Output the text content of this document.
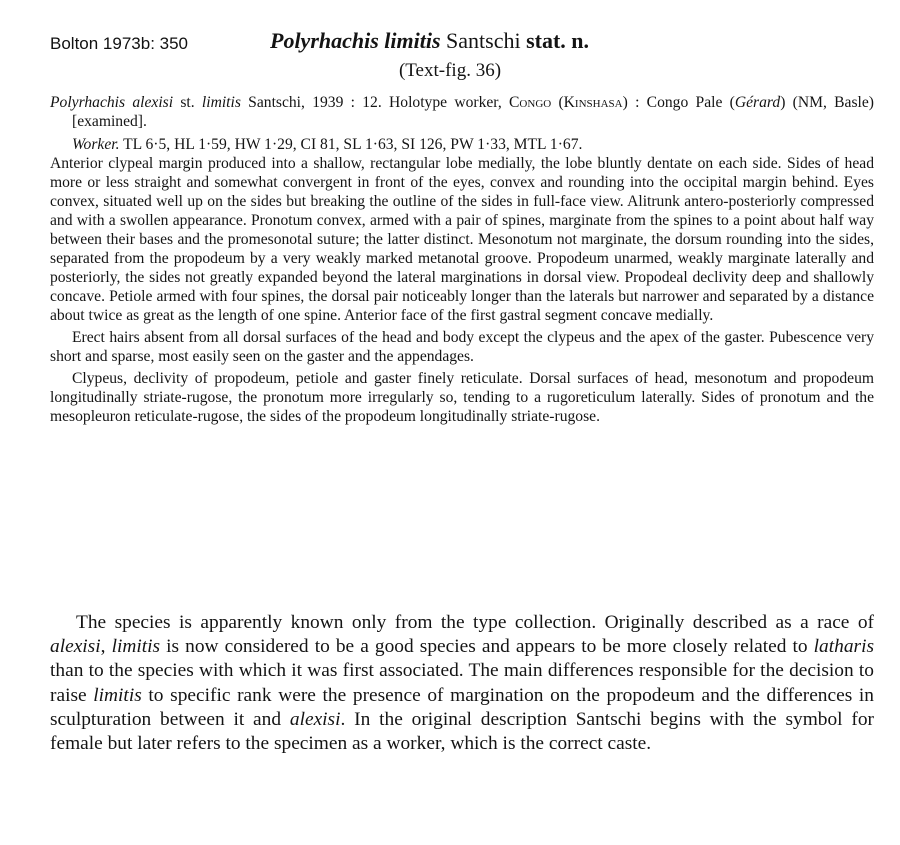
Bolton 1973b: 350	Polyrhachis limitis Santschi stat. n.
(Text-fig. 36)

Polyrhachis alexisi st. limitis Santschi, 1939 : 12. Holotype worker, Congo (Kinshasa) : Congo Pale (Gérard) (NM, Basle) [examined].

Worker. TL 6·5, HL 1·59, HW 1·29, CI 81, SL 1·63, SI 126, PW 1·33, MTL 1·67.

Anterior clypeal margin produced into a shallow, rectangular lobe medially, the lobe bluntly dentate on each side. Sides of head more or less straight and somewhat convergent in front of the eyes, convex and rounding into the occipital margin behind. Eyes convex, situated well up on the sides but breaking the outline of the sides in full-face view. Alitrunk antero-posteriorly compressed and with a swollen appearance. Pronotum convex, armed with a pair of spines, marginate from the spines to a point about half way between their bases and the promesonotal suture; the latter distinct. Mesonotum not marginate, the dorsum rounding into the sides, separated from the propodeum by a very weakly marked metanotal groove. Propodeum unarmed, weakly marginate laterally and posteriorly, the sides not greatly expanded beyond the lateral marginations in dorsal view. Propodeal declivity deep and shallowly concave. Petiole armed with four spines, the dorsal pair noticeably longer than the laterals but narrower and separated by a distance about twice as great as the length of one spine. Anterior face of the first gastral segment concave medially.

Erect hairs absent from all dorsal surfaces of the head and body except the clypeus and the apex of the gaster. Pubescence very short and sparse, most easily seen on the gaster and the appendages.

Clypeus, declivity of propodeum, petiole and gaster finely reticulate. Dorsal surfaces of head, mesonotum and propodeum longitudinally striate-rugose, the pronotum more irregularly so, tending to a rugoreticulum laterally. Sides of pronotum and the mesopleuron reticulate-rugose, the sides of the propodeum longitudinally striate-rugose.

The species is apparently known only from the type collection. Originally described as a race of alexisi, limitis is now considered to be a good species and appears to be more closely related to latharis than to the species with which it was first associated. The main differences responsible for the decision to raise limitis to specific rank were the presence of margination on the propodeum and the differences in sculpturation between it and alexisi. In the original description Santschi begins with the symbol for female but later refers to the specimen as a worker, which is the correct caste.
